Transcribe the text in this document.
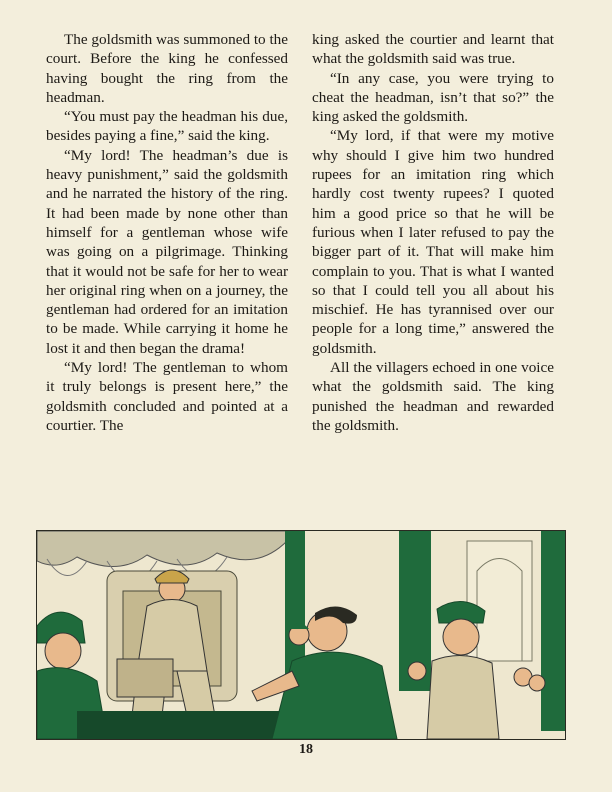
The goldsmith was summoned to the court. Before the king he confessed having bought the ring from the headman.

“You must pay the headman his due, besides paying a fine,” said the king.

“My lord! The headman’s due is heavy punishment,” said the goldsmith and he narrated the history of the ring. It had been made by none other than himself for a gentleman whose wife was going on a pilgrimage. Thinking that it would not be safe for her to wear her original ring when on a journey, the gentleman had ordered for an imitation to be made. While carrying it home he lost it and then began the drama!

“My lord! The gentleman to whom it truly belongs is present here,” the goldsmith concluded and pointed at a courtier. The

king asked the courtier and learnt that what the goldsmith said was true.

“In any case, you were trying to cheat the headman, isn’t that so?” the king asked the goldsmith.

“My lord, if that were my motive why should I give him two hundred rupees for an imitation ring which hardly cost twenty rupees? I quoted him a good price so that he will be furious when I later refused to pay the bigger part of it. That will make him complain to you. That is what I wanted so that I could tell you all about his mischief. He has tyrannised over our people for a long time,” answered the goldsmith.

All the villagers echoed in one voice what the goldsmith said. The king punished the headman and rewarded the goldsmith.

18
